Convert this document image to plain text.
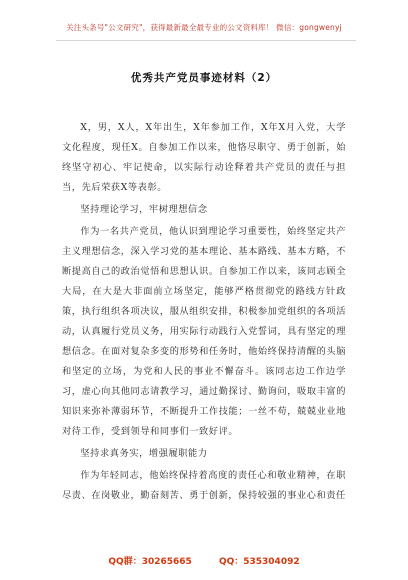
关注头条号"公文研究"，获得最新最全最专业的公文资料库！ 微信：gongwenyj
优秀共产党员事迹材料（2）

X，男，X人，X年出生，X年参加工作，X年X月入党，大学文化程度，现任X。自参加工作以来，他恪尽职守、勇于创新，始终坚守初心、牢记使命，以实际行动诠释着共产党员的责任与担当，先后荣获X等表彰。

坚持理论学习，牢树理想信念

作为一名共产党员，他认识到理论学习重要性，始终坚定共产主义理想信念，深入学习党的基本理论、基本路线、基本方略，不断提高自己的政治觉悟和思想认识。自参加工作以来，该同志顾全大局，在大是大非面前立场坚定，能够严格贯彻党的路线方针政策，执行组织各项决议，服从组织安排，积极参加党组织的各项活动，认真履行党员义务，用实际行动践行入党誓词，具有坚定的理想信念。在面对复杂多变的形势和任务时，他始终保持清醒的头脑和坚定的立场，为党和人民的事业不懈奋斗。该同志边工作边学习，虚心向其他同志请教学习，通过勤探讨、勤询问，吸取丰富的知识来弥补薄弱环节，不断提升工作技能；一丝不苟，兢兢业业地对待工作，受到领导和同事们一致好评。

坚持求真务实，增强履职能力

作为年轻同志，他始终保持着高度的责任心和敬业精神，在职尽责、在岗敬业，勤奋刻苦、勇于创新，保持较强的事业心和责任

QQ群：30265665	QQ：535304092
